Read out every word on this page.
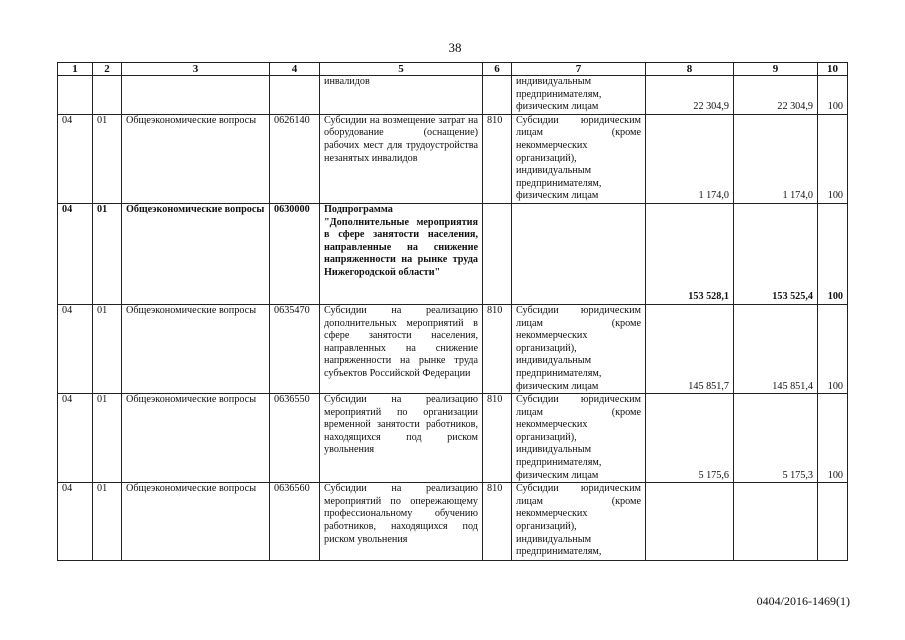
38
1	2	3	4	5	6	7	8	9	10
				инвалидов		индивидуальным предпринимателям, физическим лицам	22 304,9	22 304,9	100
04	01	Общеэкономические вопросы	0626140	Субсидии на возмещение затрат на оборудование (оснащение) рабочих мест для трудоустройства незанятых инвалидов	810	Субсидии юридическим лицам (кроме некоммерческих организаций), индивидуальным предпринимателям, физическим лицам	1 174,0	1 174,0	100
04	01	Общеэкономические вопросы	0630000	Подпрограмма "Дополнительные мероприятия в сфере занятости населения, направленные на снижение напряженности на рынке труда Нижегородской области"			153 528,1	153 525,4	100
04	01	Общеэкономические вопросы	0635470	Субсидии на реализацию дополнительных мероприятий в сфере занятости населения, направленных на снижение напряженности на рынке труда субъектов Российской Федерации	810	Субсидии юридическим лицам (кроме некоммерческих организаций), индивидуальным предпринимателям, физическим лицам	145 851,7	145 851,4	100
04	01	Общеэкономические вопросы	0636550	Субсидии на реализацию мероприятий по организации временной занятости работников, находящихся под риском увольнения	810	Субсидии юридическим лицам (кроме некоммерческих организаций), индивидуальным предпринимателям, физическим лицам	5 175,6	5 175,3	100
04	01	Общеэкономические вопросы	0636560	Субсидии на реализацию мероприятий по опережающему профессиональному обучению работников, находящихся под риском увольнения	810	Субсидии юридическим лицам (кроме некоммерческих организаций), индивидуальным предпринимателям,			
0404/2016-1469(1)
